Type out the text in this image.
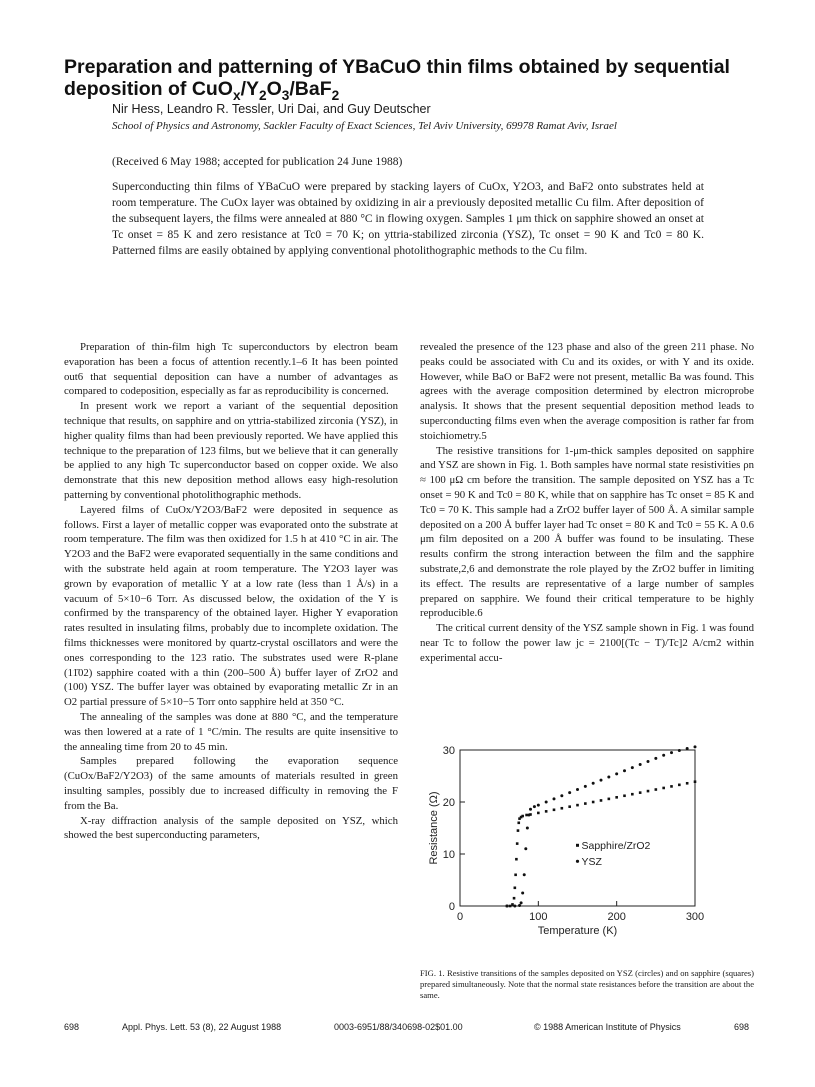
Preparation and patterning of YBaCuO thin films obtained by sequential
deposition of $CuO_x/Y_2O_3/BaF_2$
Nir Hess, Leandro R. Tessler, Uri Dai, and Guy Deutscher
School of Physics and Astronomy, Sackler Faculty of Exact Sciences, Tel Aviv University, 69978 Ramat Aviv, Israel
(Received 6 May 1988; accepted for publication 24 June 1988)
Superconducting thin films of YBaCuO were prepared by stacking layers of CuOx, Y2O3, and BaF2 onto substrates held at room temperature. The CuOx layer was obtained by oxidizing in air a previously deposited metallic Cu film. After deposition of the subsequent layers, the films were annealed at 880 °C in flowing oxygen. Samples 1 μm thick on sapphire showed an onset at Tc onset = 85 K and zero resistance at Tc0 = 70 K; on yttria-stabilized zirconia (YSZ), Tc onset = 90 K and Tc0 = 80 K. Patterned films are easily obtained by applying conventional photolithographic methods to the Cu film.

Preparation of thin-film high Tc superconductors by electron beam evaporation has been a focus of attention recently.1–6 It has been pointed out6 that sequential deposition can have a number of advantages as compared to codeposition, especially as far as reproducibility is concerned.

In present work we report a variant of the sequential deposition technique that results, on sapphire and on yttria-stabilized zirconia (YSZ), in higher quality films than had been previously reported. We have applied this technique to the preparation of 123 films, but we believe that it can generally be applied to any high Tc superconductor based on copper oxide. We also demonstrate that this new deposition method allows easy high-resolution patterning by conventional photolithographic methods.

Layered films of CuOx/Y2O3/BaF2 were deposited in sequence as follows. First a layer of metallic copper was evaporated onto the substrate at room temperature. The film was then oxidized for 1.5 h at 410 °C in air. The Y2O3 and the BaF2 were evaporated sequentially in the same conditions and with the substrate held again at room temperature. The Y2O3 layer was grown by evaporation of metallic Y at a low rate (less than 1 Å/s) in a vacuum of 5×10−6 Torr. As discussed below, the oxidation of the Y is confirmed by the transparency of the obtained layer. Higher Y evaporation rates resulted in insulating films, probably due to incomplete oxidation. The films thicknesses were monitored by quartz-crystal oscillators and were the ones corresponding to the 123 ratio. The substrates used were R-plane (11̄02) sapphire coated with a thin (200–500 Å) buffer layer of ZrO2 and (100) YSZ. The buffer layer was obtained by evaporating metallic Zr in an O2 partial pressure of 5×10−5 Torr onto sapphire held at 350 °C.

The annealing of the samples was done at 880 °C, and the temperature was then lowered at a rate of 1 °C/min. The results are quite insensitive to the annealing time from 20 to 45 min.

Samples prepared following the evaporation sequence (CuOx/BaF2/Y2O3) of the same amounts of materials resulted in green insulting samples, possibly due to increased difficulty in removing the F from the Ba.

X-ray diffraction analysis of the sample deposited on YSZ, which showed the best superconducting parameters,

revealed the presence of the 123 phase and also of the green 211 phase. No peaks could be associated with Cu and its oxides, or with Y and its oxide. However, while BaO or BaF2 were not present, metallic Ba was found. This agrees with the average composition determined by electron microprobe analysis. It shows that the present sequential deposition method leads to superconducting films even when the average composition is rather far from stoichiometry.5

The resistive transitions for 1-μm-thick samples deposited on sapphire and YSZ are shown in Fig. 1. Both samples have normal state resistivities ρn ≈ 100 μΩ cm before the transition. The sample deposited on YSZ has a Tc onset = 90 K and Tc0 = 80 K, while that on sapphire has Tc onset = 85 K and Tc0 = 70 K. This sample had a ZrO2 buffer layer of 500 Å. A similar sample deposited on a 200 Å buffer layer had Tc onset = 80 K and Tc0 = 55 K. A 0.6 μm film deposited on a 200 Å buffer was found to be insulating. These results confirm the strong interaction between the film and the sapphire substrate,2,6 and demonstrate the role played by the ZrO2 buffer in limiting its effect. The results are representative of a large number of samples prepared on sapphire. We found their critical temperature to be highly reproducible.6

The critical current density of the YSZ sample shown in Fig. 1 was found near Tc to follow the power law jc = 2100[(Tc − T)/Tc]2 A/cm2 within experimental accu-

0	100	200	300
0
10
20
30
Temperature (K)
Resistance (Ω)	Sapphire/ZrO2
YSZ
FIG. 1. Resistive transitions of the samples deposited on YSZ (circles) and on sapphire (squares) prepared simultaneously. Note that the normal state resistances before the transition are about the same.
698	Appl. Phys. Lett. 53 (8), 22 August 1988	0003-6951/88/340698-02$01.00	© 1988 American Institute of Physics	698
